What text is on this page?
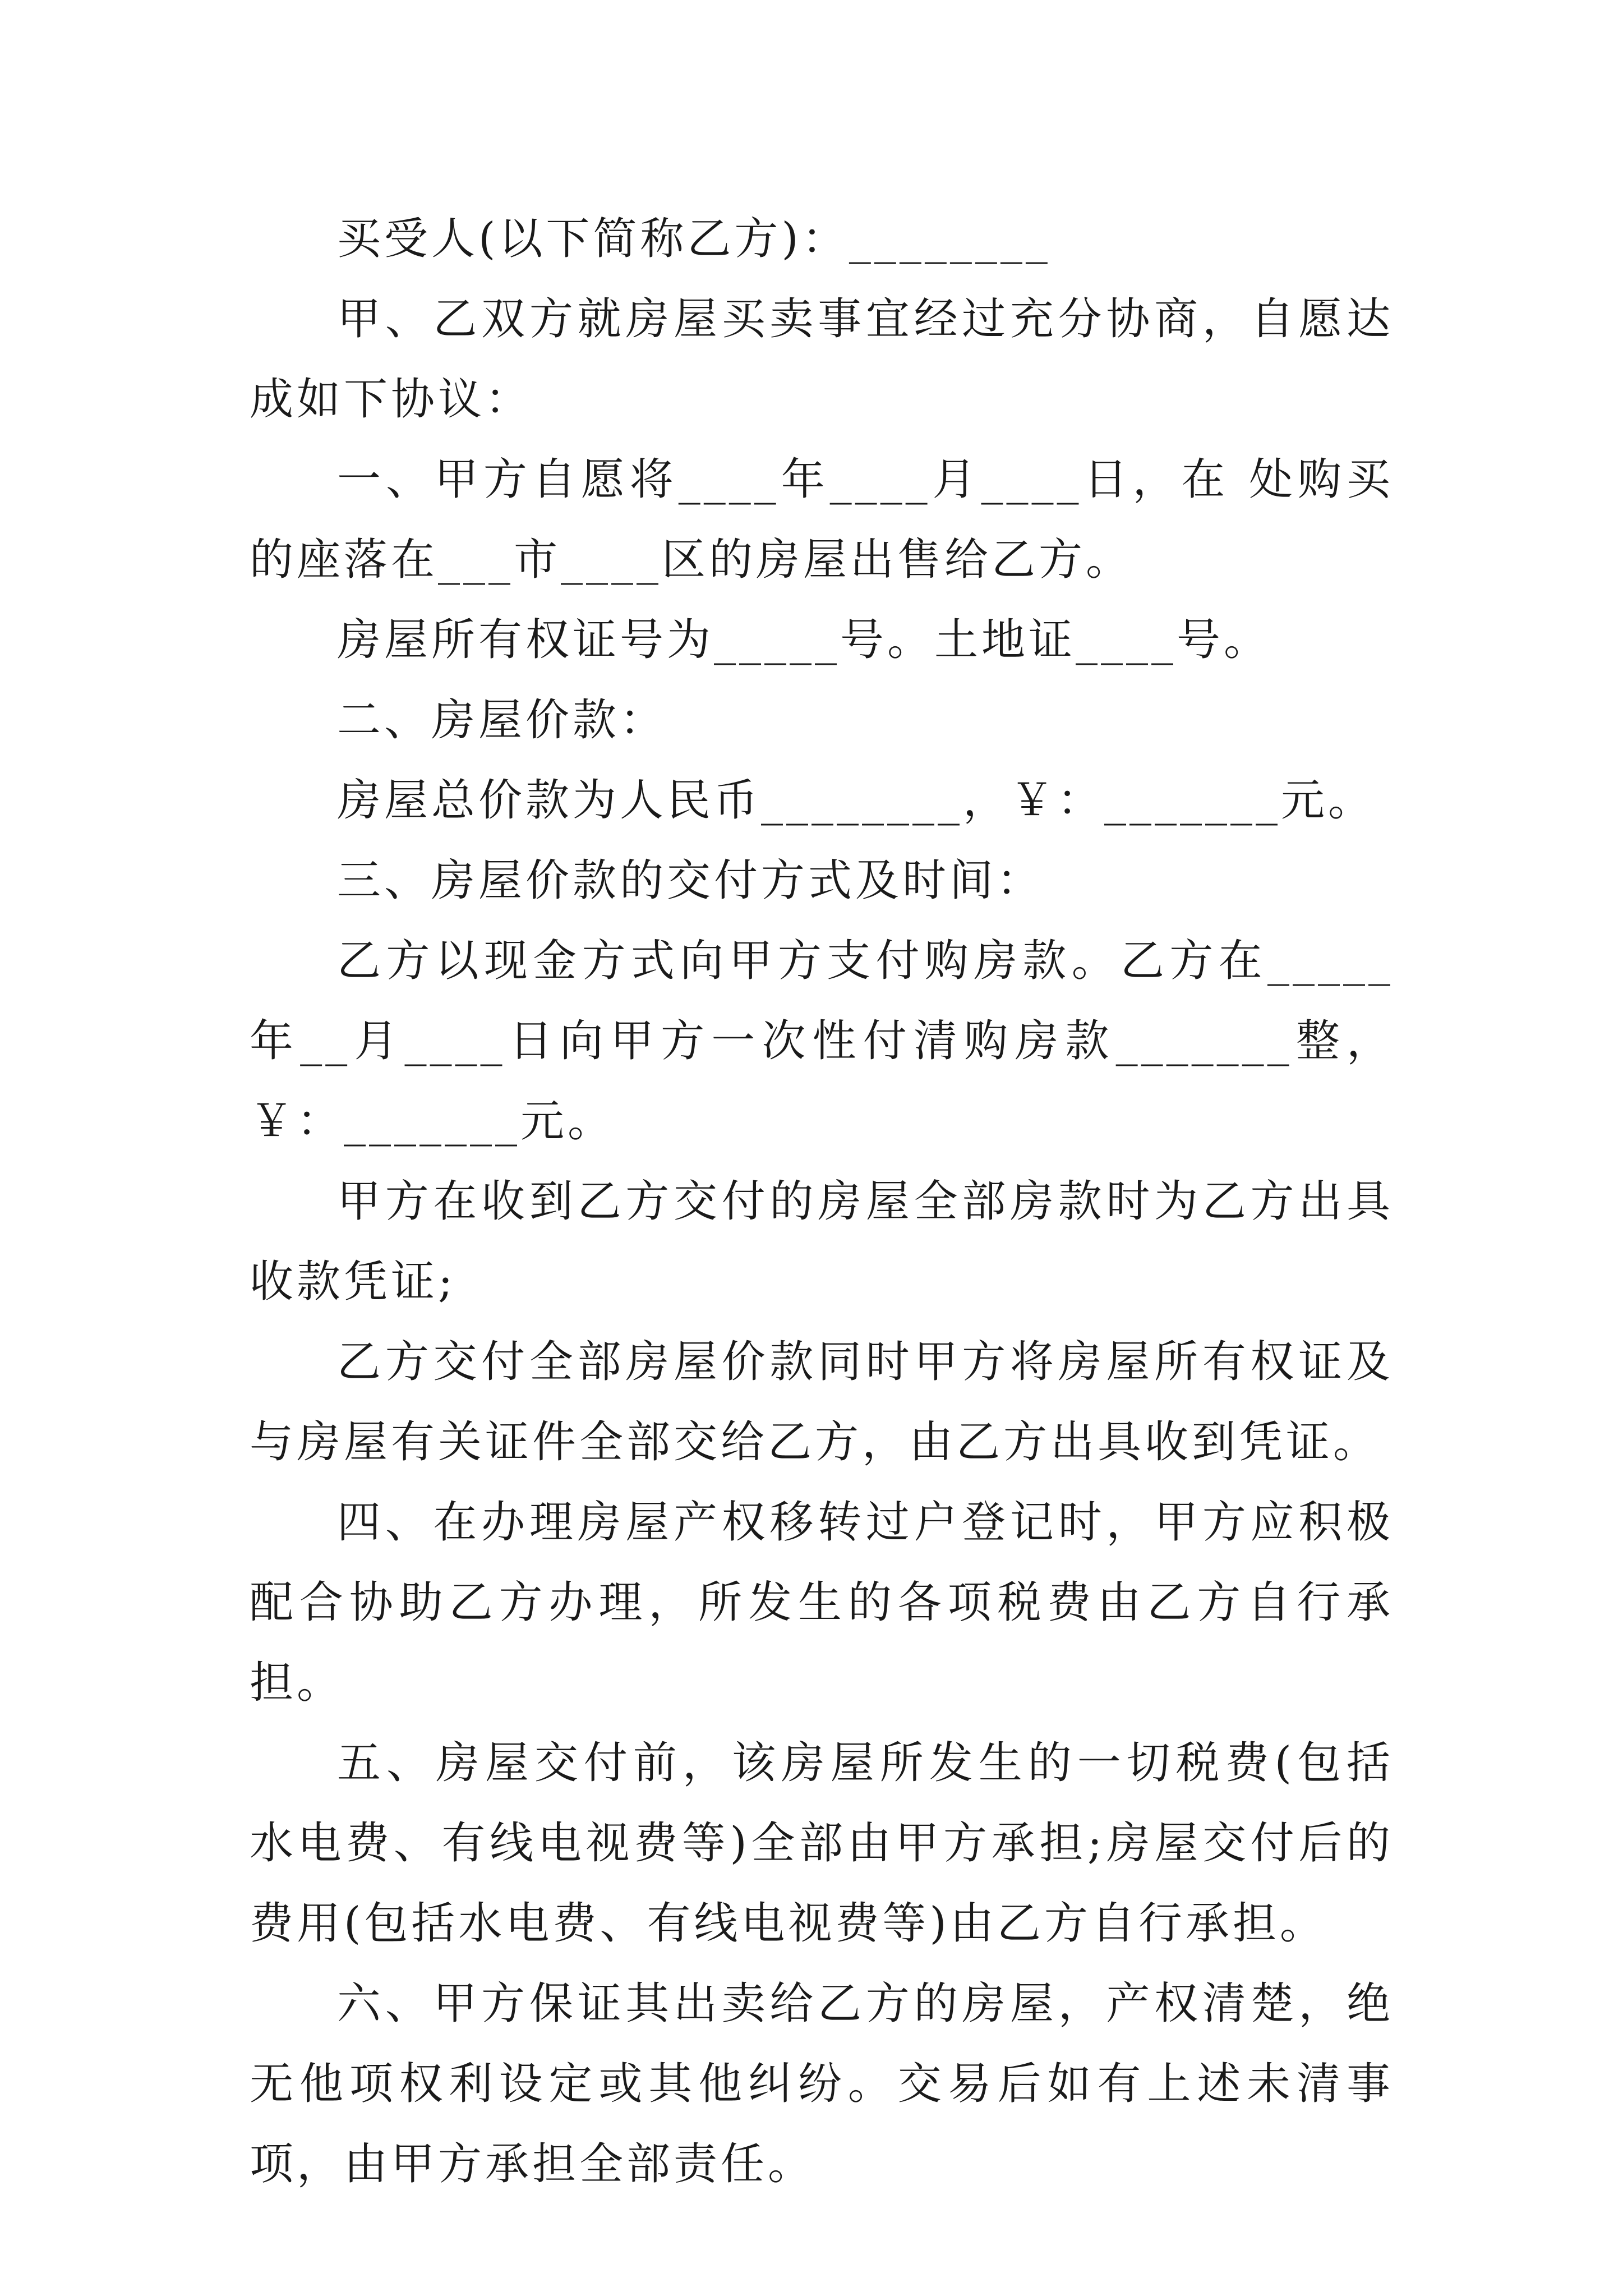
买受人(以下简称乙方)：________

甲、乙双方就房屋买卖事宜经过充分协商，自愿达成如下协议：

一、甲方自愿将____年____月____日，在 处购买的座落在___市____区的房屋出售给乙方。

房屋所有权证号为_____号。土地证____号。

二、房屋价款：

房屋总价款为人民币________，￥：_______元。

三、房屋价款的交付方式及时间：

乙方以现金方式向甲方支付购房款。乙方在_____年__月____日向甲方一次性付清购房款_______整，￥：_______元。

甲方在收到乙方交付的房屋全部房款时为乙方出具收款凭证;

乙方交付全部房屋价款同时甲方将房屋所有权证及与房屋有关证件全部交给乙方，由乙方出具收到凭证。

四、在办理房屋产权移转过户登记时，甲方应积极配合协助乙方办理，所发生的各项税费由乙方自行承担。

五、房屋交付前，该房屋所发生的一切税费(包括水电费、有线电视费等)全部由甲方承担;房屋交付后的费用(包括水电费、有线电视费等)由乙方自行承担。

六、甲方保证其出卖给乙方的房屋，产权清楚，绝无他项权利设定或其他纠纷。交易后如有上述未清事项，由甲方承担全部责任。
